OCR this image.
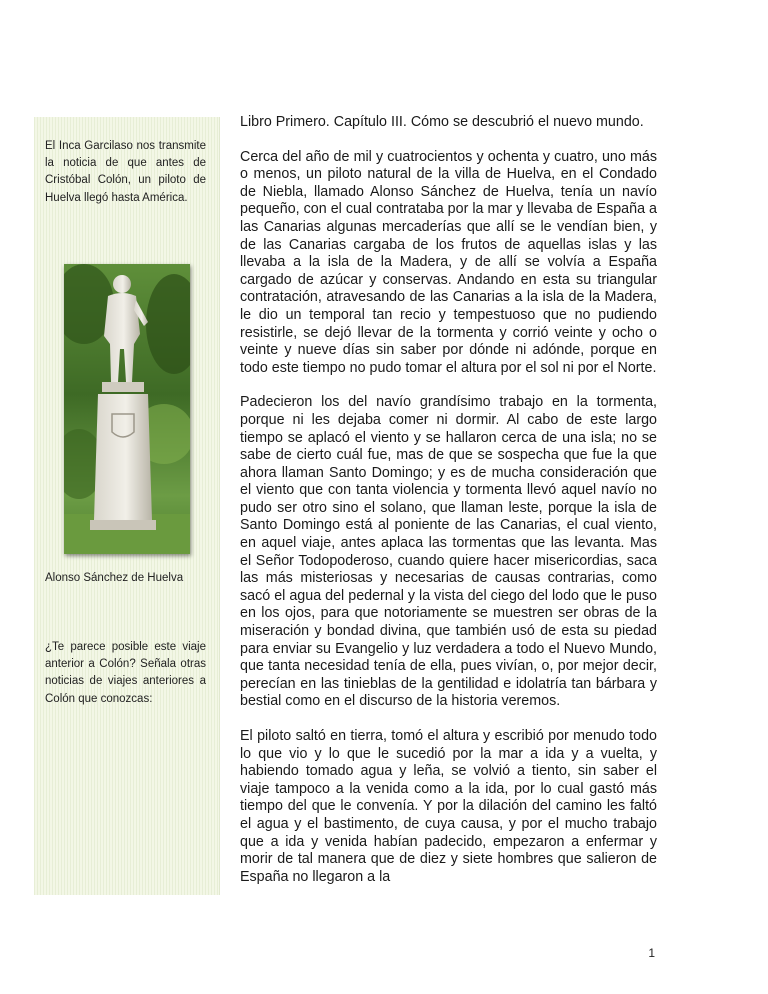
El Inca Garcilaso nos transmite la noticia de que antes de Cristóbal Colón, un piloto de Huelva llegó hasta América.
Alonso Sánchez de Huelva
¿Te parece posible este viaje anterior a Colón? Señala otras noticias de viajes anteriores a Colón que conozcas:

Libro Primero. Capítulo III. Cómo se descubrió el nuevo mundo.

Cerca del año de mil y cuatrocientos y ochenta y cuatro, uno más o menos, un piloto natural de la villa de Huelva, en el Condado de Niebla, llamado Alonso Sánchez de Huelva, tenía un navío pequeño, con el cual contrataba por la mar y llevaba de España a las Canarias algunas mercaderías que allí se le vendían bien, y de las Canarias cargaba de los frutos de aquellas islas y las llevaba a la isla de la Madera, y de allí se volvía a España cargado de azúcar y conservas. Andando en esta su triangular contratación, atravesando de las Canarias a la isla de la Madera, le dio un temporal tan recio y tempestuoso que no pudiendo resistirle, se dejó llevar de la tormenta y corrió veinte y ocho o veinte y nueve días sin saber por dónde ni adónde, porque en todo este tiempo no pudo tomar el altura por el sol ni por el Norte.

Padecieron los del navío grandísimo trabajo en la tormenta, porque ni les dejaba comer ni dormir. Al cabo de este largo tiempo se aplacó el viento y se hallaron cerca de una isla; no se sabe de cierto cuál fue, mas de que se sospecha que fue la que ahora llaman Santo Domingo; y es de mucha consideración que el viento que con tanta violencia y tormenta llevó aquel navío no pudo ser otro sino el solano, que llaman leste, porque la isla de Santo Domingo está al poniente de las Canarias, el cual viento, en aquel viaje, antes aplaca las tormentas que las levanta. Mas el Señor Todopoderoso, cuando quiere hacer misericordias, saca las más misteriosas y necesarias de causas contrarias, como sacó el agua del pedernal y la vista del ciego del lodo que le puso en los ojos, para que notoriamente se muestren ser obras de la miseración y bondad divina, que también usó de esta su piedad para enviar su Evangelio y luz verdadera a todo el Nuevo Mundo, que tanta necesidad tenía de ella, pues vivían, o, por mejor decir, perecían en las tinieblas de la gentilidad e idolatría tan bárbara y bestial como en el discurso de la historia veremos.

El piloto saltó en tierra, tomó el altura y escribió por menudo todo lo que vio y lo que le sucedió por la mar a ida y a vuelta, y habiendo tomado agua y leña, se volvió a tiento, sin saber el viaje tampoco a la venida como a la ida, por lo cual gastó más tiempo del que le convenía. Y por la dilación del camino les faltó el agua y el bastimento, de cuya causa, y por el mucho trabajo que a ida y venida habían padecido, empezaron a enfermar y morir de tal manera que de diez y siete hombres que salieron de España no llegaron a la

1
